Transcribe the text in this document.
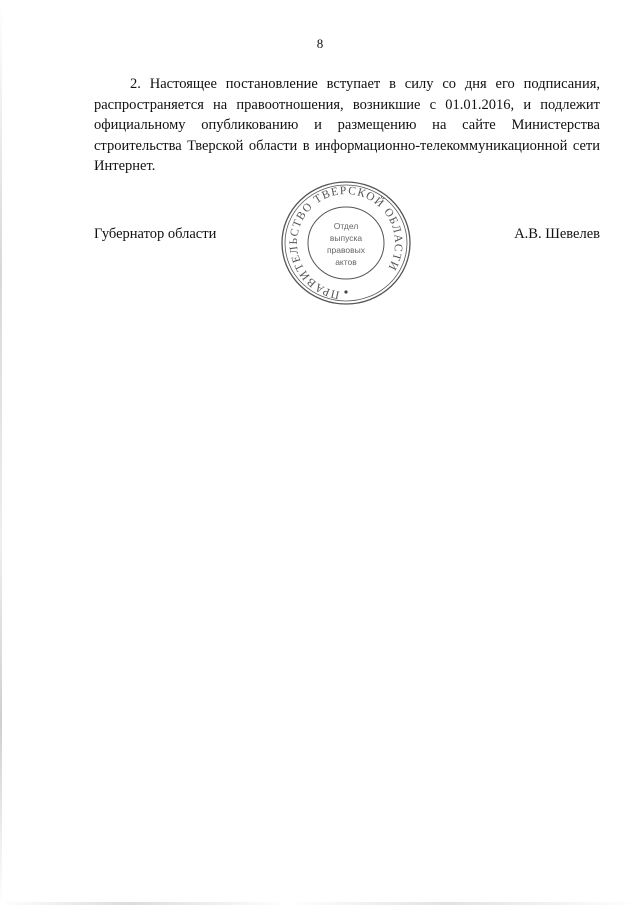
8

2. Настоящее постановление вступает в силу со дня его подписания, распространяется на правоотношения, возникшие с 01.01.2016, и подлежит официальному опубликованию и размещению на сайте Министерства строительства Тверской области в информационно-телекоммуникационной сети Интернет.

Губернатор области	А.В. Шевелев
ПРАВИТЕЛЬСТВО ТВЕРСКОЙ ОБЛАСТИ
Отдел
выпуска
правовых
актов
